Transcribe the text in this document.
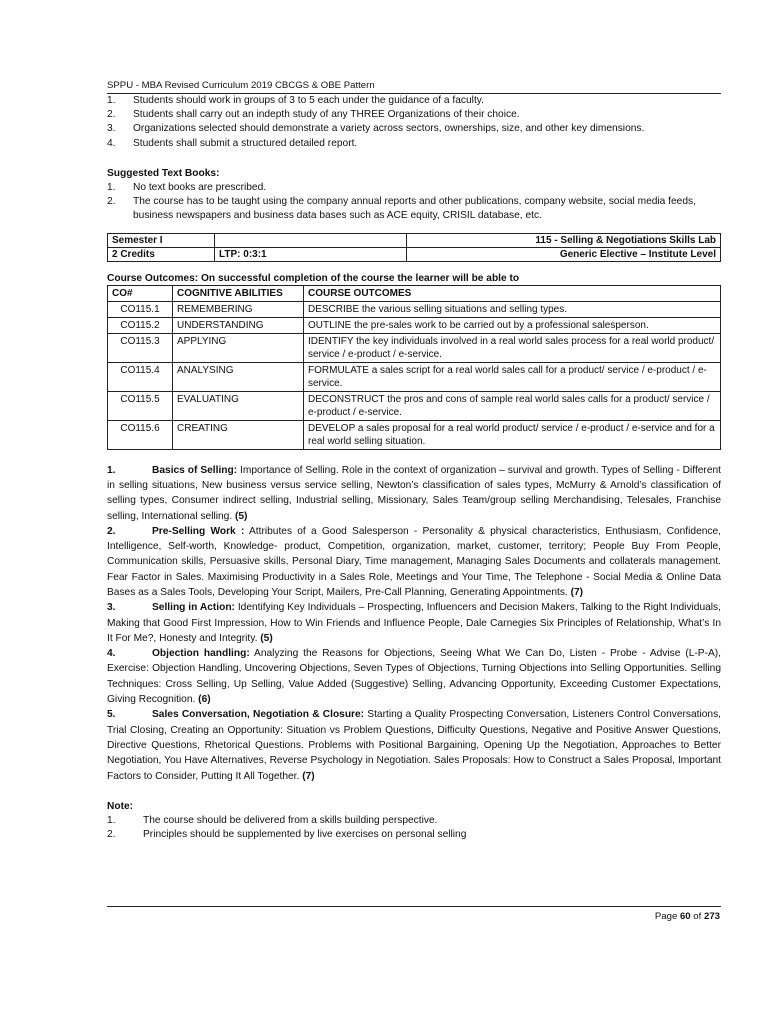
SPPU - MBA Revised Curriculum 2019 CBCGS & OBE Pattern
1. Students should work in groups of 3 to 5 each under the guidance of a faculty.
2. Students shall carry out an indepth study of any THREE Organizations of their choice.
3. Organizations selected should demonstrate a variety across sectors, ownerships, size, and other key dimensions.
4. Students shall submit a structured detailed report.
Suggested Text Books:
1. No text books are prescribed.
2. The course has to be taught using the company annual reports and other publications, company website, social media feeds, business newspapers and business data bases such as ACE equity, CRISIL database, etc.
Semester I		115 - Selling & Negotiations Skills Lab
2 Credits	LTP: 0:3:1	Generic Elective – Institute Level
Course Outcomes: On successful completion of the course the learner will be able to
CO#	COGNITIVE ABILITIES	COURSE OUTCOMES
CO115.1	REMEMBERING	DESCRIBE the various selling situations and selling types.
CO115.2	UNDERSTANDING	OUTLINE the pre-sales work to be carried out by a professional salesperson.
CO115.3	APPLYING	IDENTIFY the key individuals involved in a real world sales process for a real world product/ service / e-product / e-service.
CO115.4	ANALYSING	FORMULATE a sales script for a real world sales call for a product/ service / e-product / e-service.
CO115.5	EVALUATING	DECONSTRUCT the pros and cons of sample real world sales calls for a product/ service / e-product / e-service.
CO115.6	CREATING	DEVELOP a sales proposal for a real world product/ service / e-product / e-service and for a real world selling situation.
1.	Basics of Selling: Importance of Selling. Role in the context of organization – survival and growth. Types of Selling - Different in selling situations, New business versus service selling, Newton’s classification of sales types, McMurry & Arnold’s classification of selling types, Consumer indirect selling, Industrial selling, Missionary, Sales Team/group selling Merchandising, Telesales, Franchise selling, International selling. (5)
2.	Pre-Selling Work : Attributes of a Good Salesperson - Personality & physical characteristics, Enthusiasm, Confidence, Intelligence, Self-worth, Knowledge- product, Competition, organization, market, customer, territory; People Buy From People, Communication skills, Persuasive skills, Personal Diary, Time management, Managing Sales Documents and collaterals management. Fear Factor in Sales. Maximising Productivity in a Sales Role, Meetings and Your Time, The Telephone - Social Media & Online Data Bases as a Sales Tools, Developing Your Script, Mailers, Pre-Call Planning, Generating Appointments. (7)
3.	Selling in Action: Identifying Key Individuals – Prospecting, Influencers and Decision Makers, Talking to the Right Individuals, Making that Good First Impression, How to Win Friends and Influence People, Dale Carnegies Six Principles of Relationship, What’s In It For Me?, Honesty and Integrity. (5)
4.	Objection handling: Analyzing the Reasons for Objections, Seeing What We Can Do, Listen - Probe - Advise (L-P-A), Exercise: Objection Handling, Uncovering Objections, Seven Types of Objections, Turning Objections into Selling Opportunities. Selling Techniques: Cross Selling, Up Selling, Value Added (Suggestive) Selling, Advancing Opportunity, Exceeding Customer Expectations, Giving Recognition. (6)
5.	Sales Conversation, Negotiation & Closure: Starting a Quality Prospecting Conversation, Listeners Control Conversations, Trial Closing, Creating an Opportunity: Situation vs Problem Questions, Difficulty Questions, Negative and Positive Answer Questions, Directive Questions, Rhetorical Questions. Problems with Positional Bargaining, Opening Up the Negotiation, Approaches to Better Negotiation, You Have Alternatives, Reverse Psychology in Negotiation. Sales Proposals: How to Construct a Sales Proposal, Important Factors to Consider, Putting It All Together. (7)
Note:
1.	The course should be delivered from a skills building perspective.
2.	Principles should be supplemented by live exercises on personal selling
Page 60 of 273
